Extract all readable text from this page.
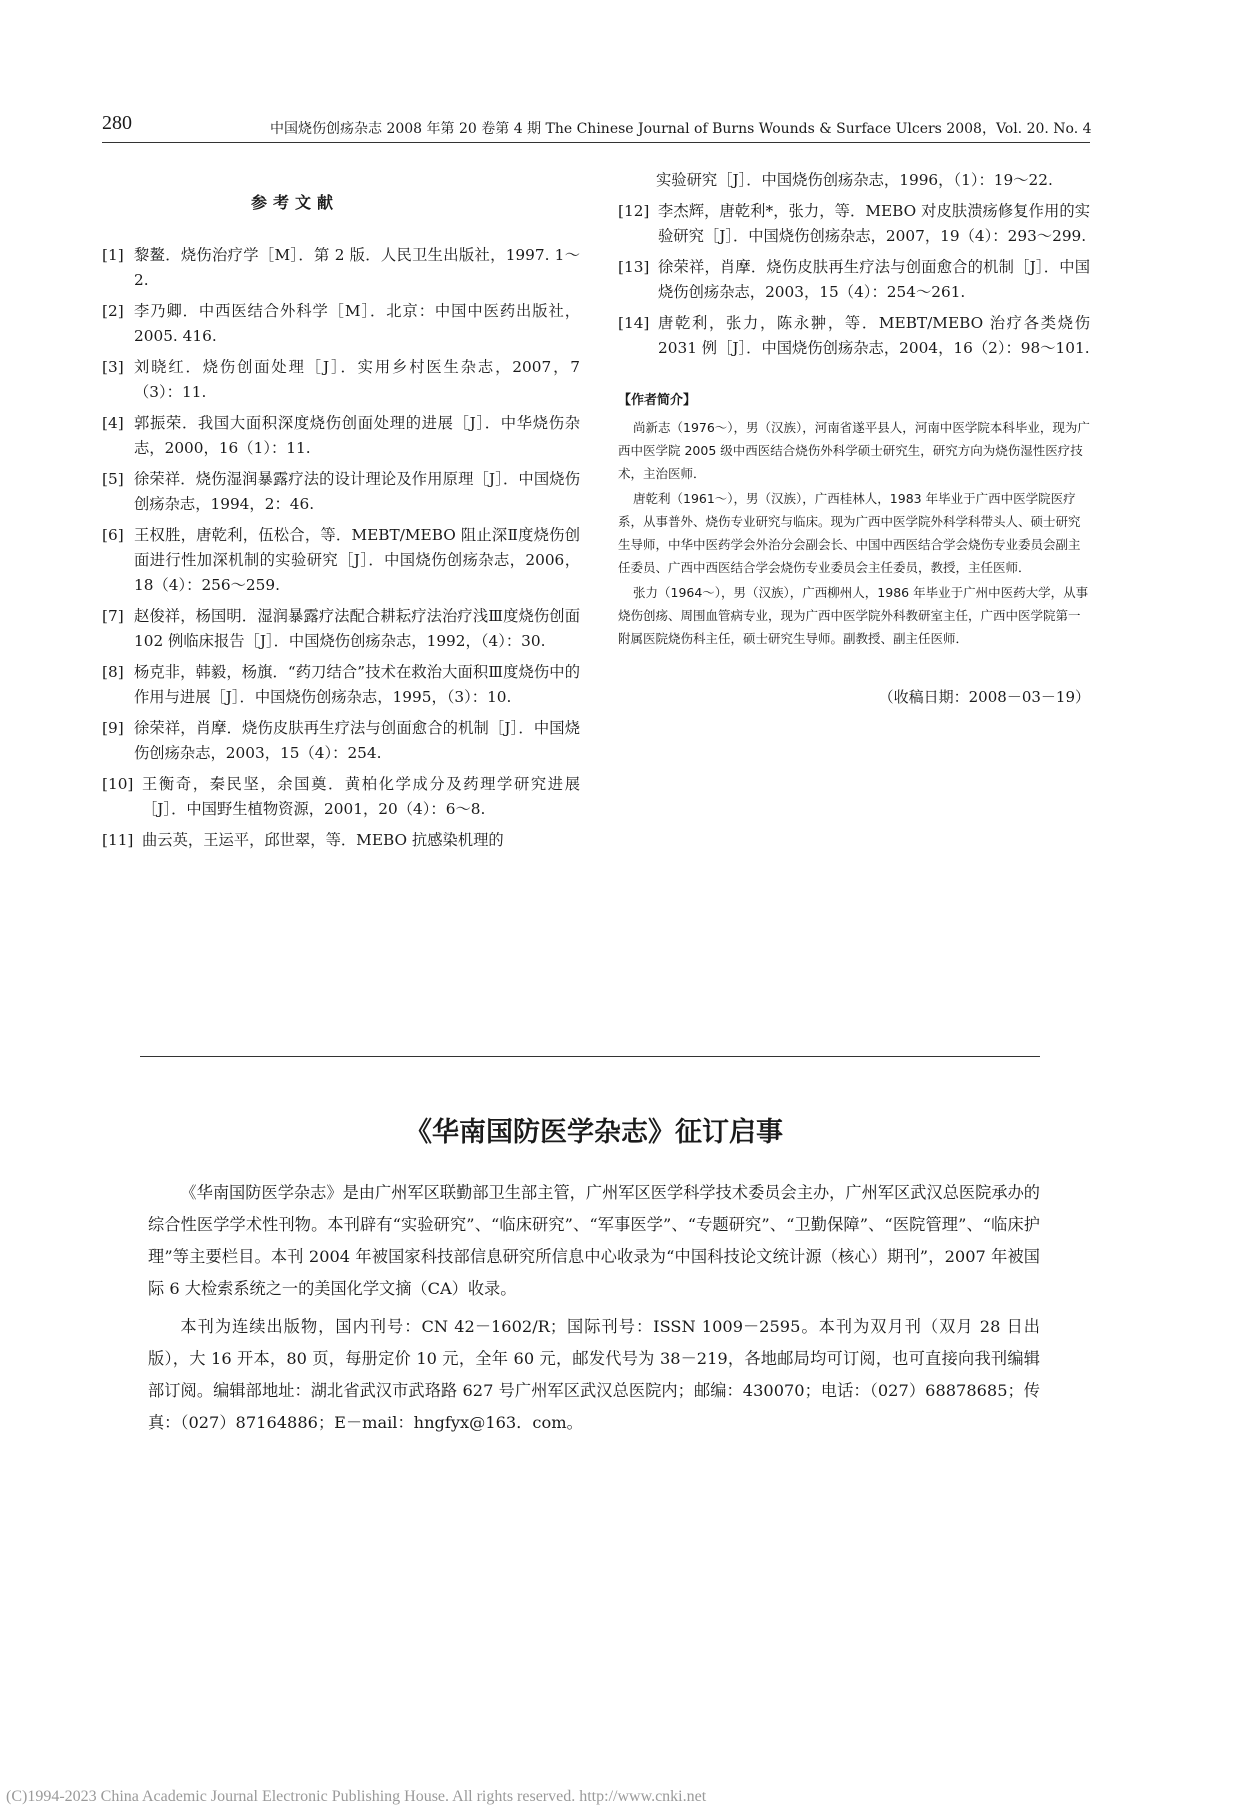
280	中国烧伤创疡杂志 2008 年第 20 卷第 4 期 The Chinese Journal of Burns Wounds & Surface Ulcers 2008，Vol. 20. No. 4
参考文献
[1] 黎鳌．烧伤治疗学［M］．第 2 版．人民卫生出版社，1997. 1～2.
[2] 李乃卿．中西医结合外科学［M］．北京：中国中医药出版社，2005. 416.
[3] 刘晓红．烧伤创面处理［J］．实用乡村医生杂志，2007，7（3）：11.
[4] 郭振荣．我国大面积深度烧伤创面处理的进展［J］．中华烧伤杂志，2000，16（1）：11.
[5] 徐荣祥．烧伤湿润暴露疗法的设计理论及作用原理［J］．中国烧伤创疡杂志，1994，2：46.
[6] 王权胜，唐乾利，伍松合，等．MEBT/MEBO 阻止深Ⅱ度烧伤创面进行性加深机制的实验研究［J］．中国烧伤创疡杂志，2006，18（4）：256～259.
[7] 赵俊祥，杨国明．湿润暴露疗法配合耕耘疗法治疗浅Ⅲ度烧伤创面 102 例临床报告［J］．中国烧伤创疡杂志，1992，（4）：30.
[8] 杨克非，韩毅，杨旗．“药刀结合”技术在救治大面积Ⅲ度烧伤中的作用与进展［J］．中国烧伤创疡杂志，1995，（3）：10.
[9] 徐荣祥，肖摩．烧伤皮肤再生疗法与创面愈合的机制［J］．中国烧伤创疡杂志，2003，15（4）：254.
[10] 王衡奇，秦民坚，余国奠．黄柏化学成分及药理学研究进展［J］．中国野生植物资源，2001，20（4）：6～8.
[11] 曲云英，王运平，邱世翠，等．MEBO 抗感染机理的
实验研究［J］．中国烧伤创疡杂志，1996，（1）：19～22.
[12] 李杰辉，唐乾利*，张力，等．MEBO 对皮肤溃疡修复作用的实验研究［J］．中国烧伤创疡杂志，2007，19（4）：293～299.
[13] 徐荣祥，肖摩．烧伤皮肤再生疗法与创面愈合的机制［J］．中国烧伤创疡杂志，2003，15（4）：254～261.
[14] 唐乾利，张力，陈永翀，等．MEBT/MEBO 治疗各类烧伤 2031 例［J］．中国烧伤创疡杂志，2004，16（2）：98～101.
【作者简介】
尚新志（1976～），男（汉族），河南省遂平县人，河南中医学院本科毕业，现为广西中医学院 2005 级中西医结合烧伤外科学硕士研究生，研究方向为烧伤湿性医疗技术，主治医师．
唐乾利（1961～），男（汉族），广西桂林人，1983 年毕业于广西中医学院医疗系，从事普外、烧伤专业研究与临床。现为广西中医学院外科学科带头人、硕士研究生导师，中华中医药学会外治分会副会长、中国中西医结合学会烧伤专业委员会副主任委员、广西中西医结合学会烧伤专业委员会主任委员，教授，主任医师．
张力（1964～），男（汉族），广西柳州人，1986 年毕业于广州中医药大学，从事烧伤创疡、周围血管病专业，现为广西中医学院外科教研室主任，广西中医学院第一附属医院烧伤科主任，硕士研究生导师。副教授、副主任医师．
（收稿日期：2008－03－19）
《华南国防医学杂志》征订启事

《华南国防医学杂志》是由广州军区联勤部卫生部主管，广州军区医学科学技术委员会主办，广州军区武汉总医院承办的综合性医学学术性刊物。本刊辟有“实验研究”、“临床研究”、“军事医学”、“专题研究”、“卫勤保障”、“医院管理”、“临床护理”等主要栏目。本刊 2004 年被国家科技部信息研究所信息中心收录为“中国科技论文统计源（核心）期刊”，2007 年被国际 6 大检索系统之一的美国化学文摘（CA）收录。

本刊为连续出版物，国内刊号：CN 42－1602/R；国际刊号：ISSN 1009－2595。本刊为双月刊（双月 28 日出版），大 16 开本，80 页，每册定价 10 元，全年 60 元，邮发代号为 38－219，各地邮局均可订阅，也可直接向我刊编辑部订阅。编辑部地址：湖北省武汉市武珞路 627 号广州军区武汉总医院内；邮编：430070；电话：（027）68878685；传真：（027）87164886；E－mail：hngfyx@163．com。

(C)1994-2023 China Academic Journal Electronic Publishing House. All rights reserved. http://www.cnki.net
